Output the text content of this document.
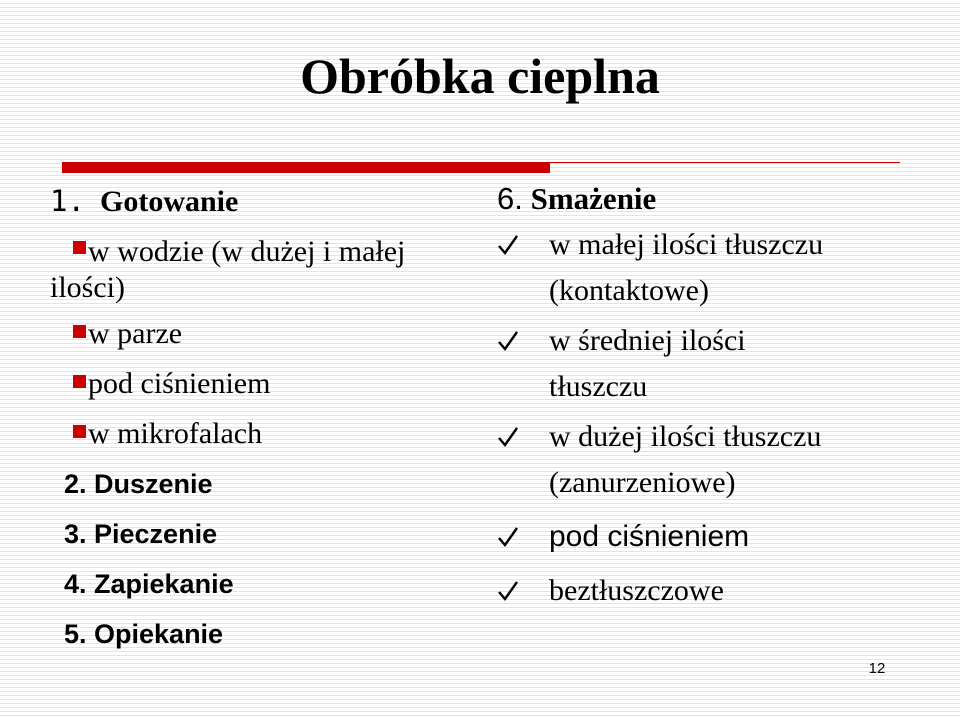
Obróbka cieplna
1. Gotowanie
w wodzie (w dużej i małej
ilości)
w parze
pod ciśnieniem
w mikrofalach
2. Duszenie
3. Pieczenie
4. Zapiekanie
5. Opiekanie
6. Smażenie
w małej ilości tłuszczu
(kontaktowe)
w średniej ilości
tłuszczu
w dużej ilości tłuszczu
(zanurzeniowe)
pod ciśnieniem
beztłuszczowe
12
